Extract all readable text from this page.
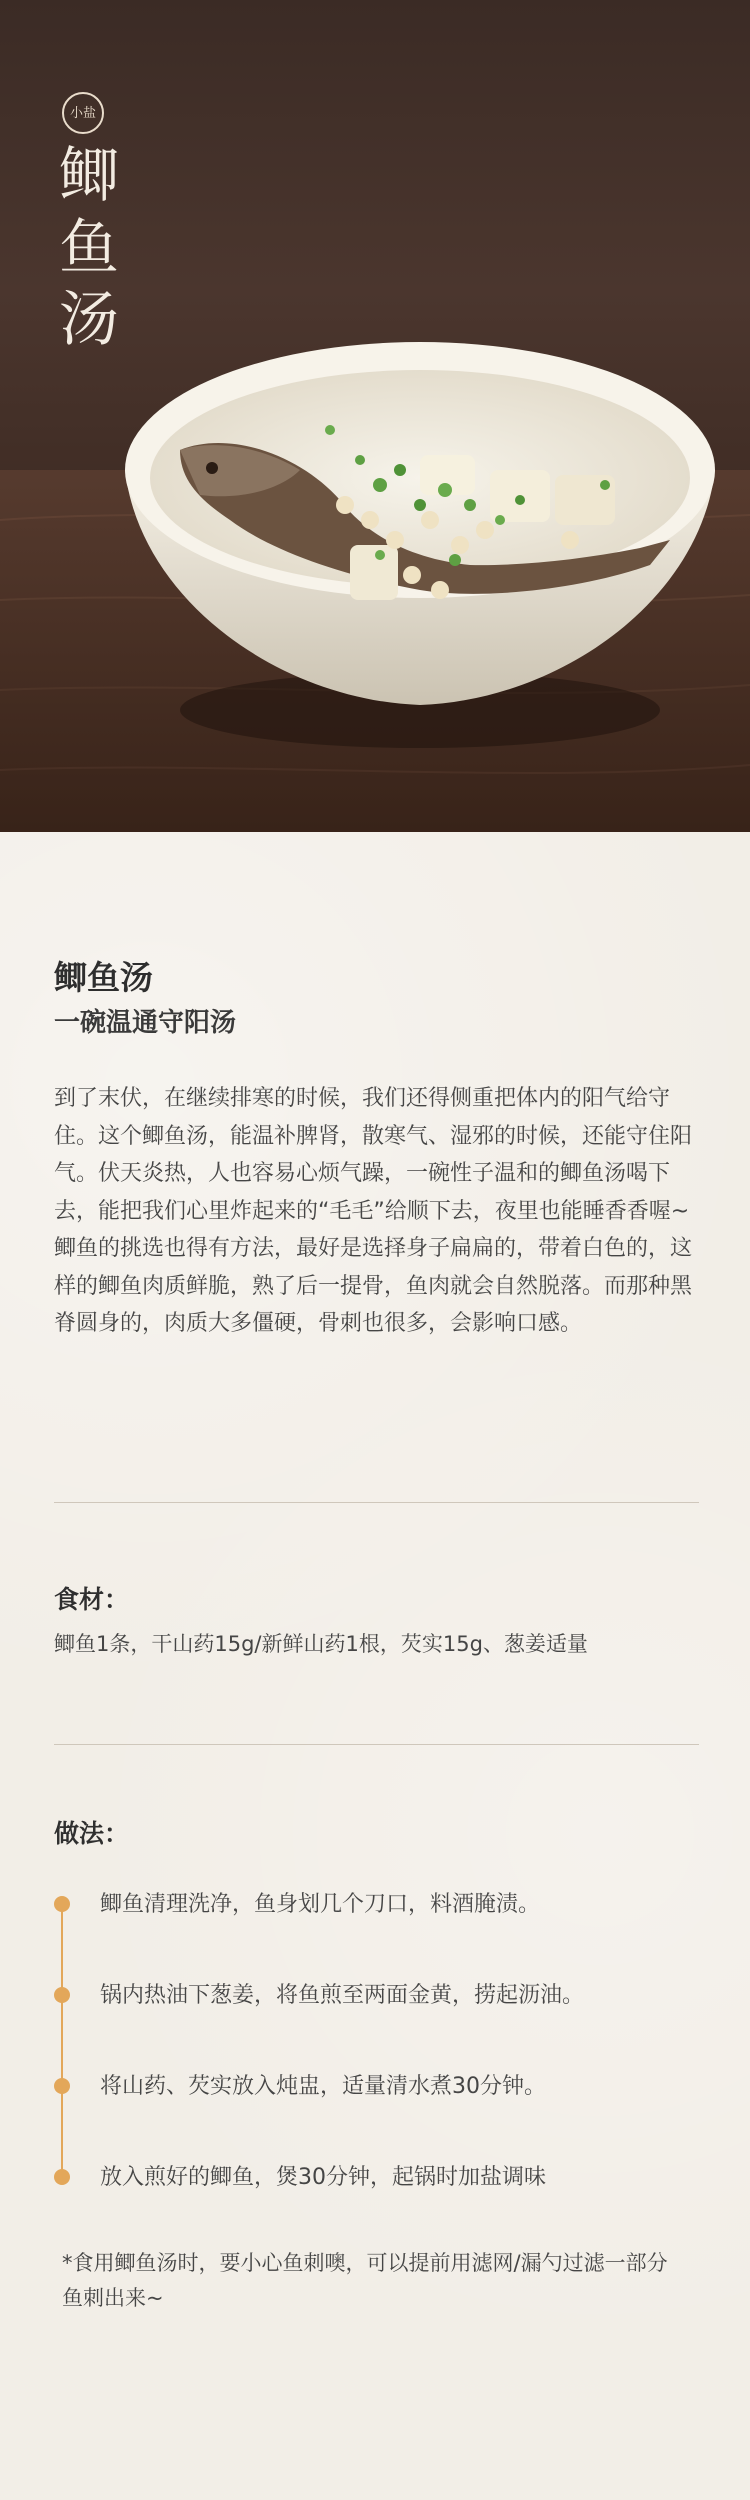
小盐
鲫
鱼
汤
鲫鱼汤
一碗温通守阳汤

到了末伏，在继续排寒的时候，我们还得侧重把体内的阳气给守住。这个鲫鱼汤，能温补脾肾，散寒气、湿邪的时候，还能守住阳气。伏天炎热，人也容易心烦气躁，一碗性子温和的鲫鱼汤喝下去，能把我们心里炸起来的“毛毛”给顺下去，夜里也能睡香香喔~

鲫鱼的挑选也得有方法，最好是选择身子扁扁的，带着白色的，这样的鲫鱼肉质鲜脆，熟了后一提骨，鱼肉就会自然脱落。而那种黑脊圆身的，肉质大多僵硬，骨刺也很多，会影响口感。

食材：
鲫鱼1条，干山药15g/新鲜山药1根，芡实15g、葱姜适量
做法：
鲫鱼清理洗净，鱼身划几个刀口，料酒腌渍。
锅内热油下葱姜，将鱼煎至两面金黄，捞起沥油。
将山药、芡实放入炖盅，适量清水煮30分钟。
放入煎好的鲫鱼，煲30分钟，起锅时加盐调味
*食用鲫鱼汤时，要小心鱼刺噢，可以提前用滤网/漏勺过滤一部分鱼刺出来~
